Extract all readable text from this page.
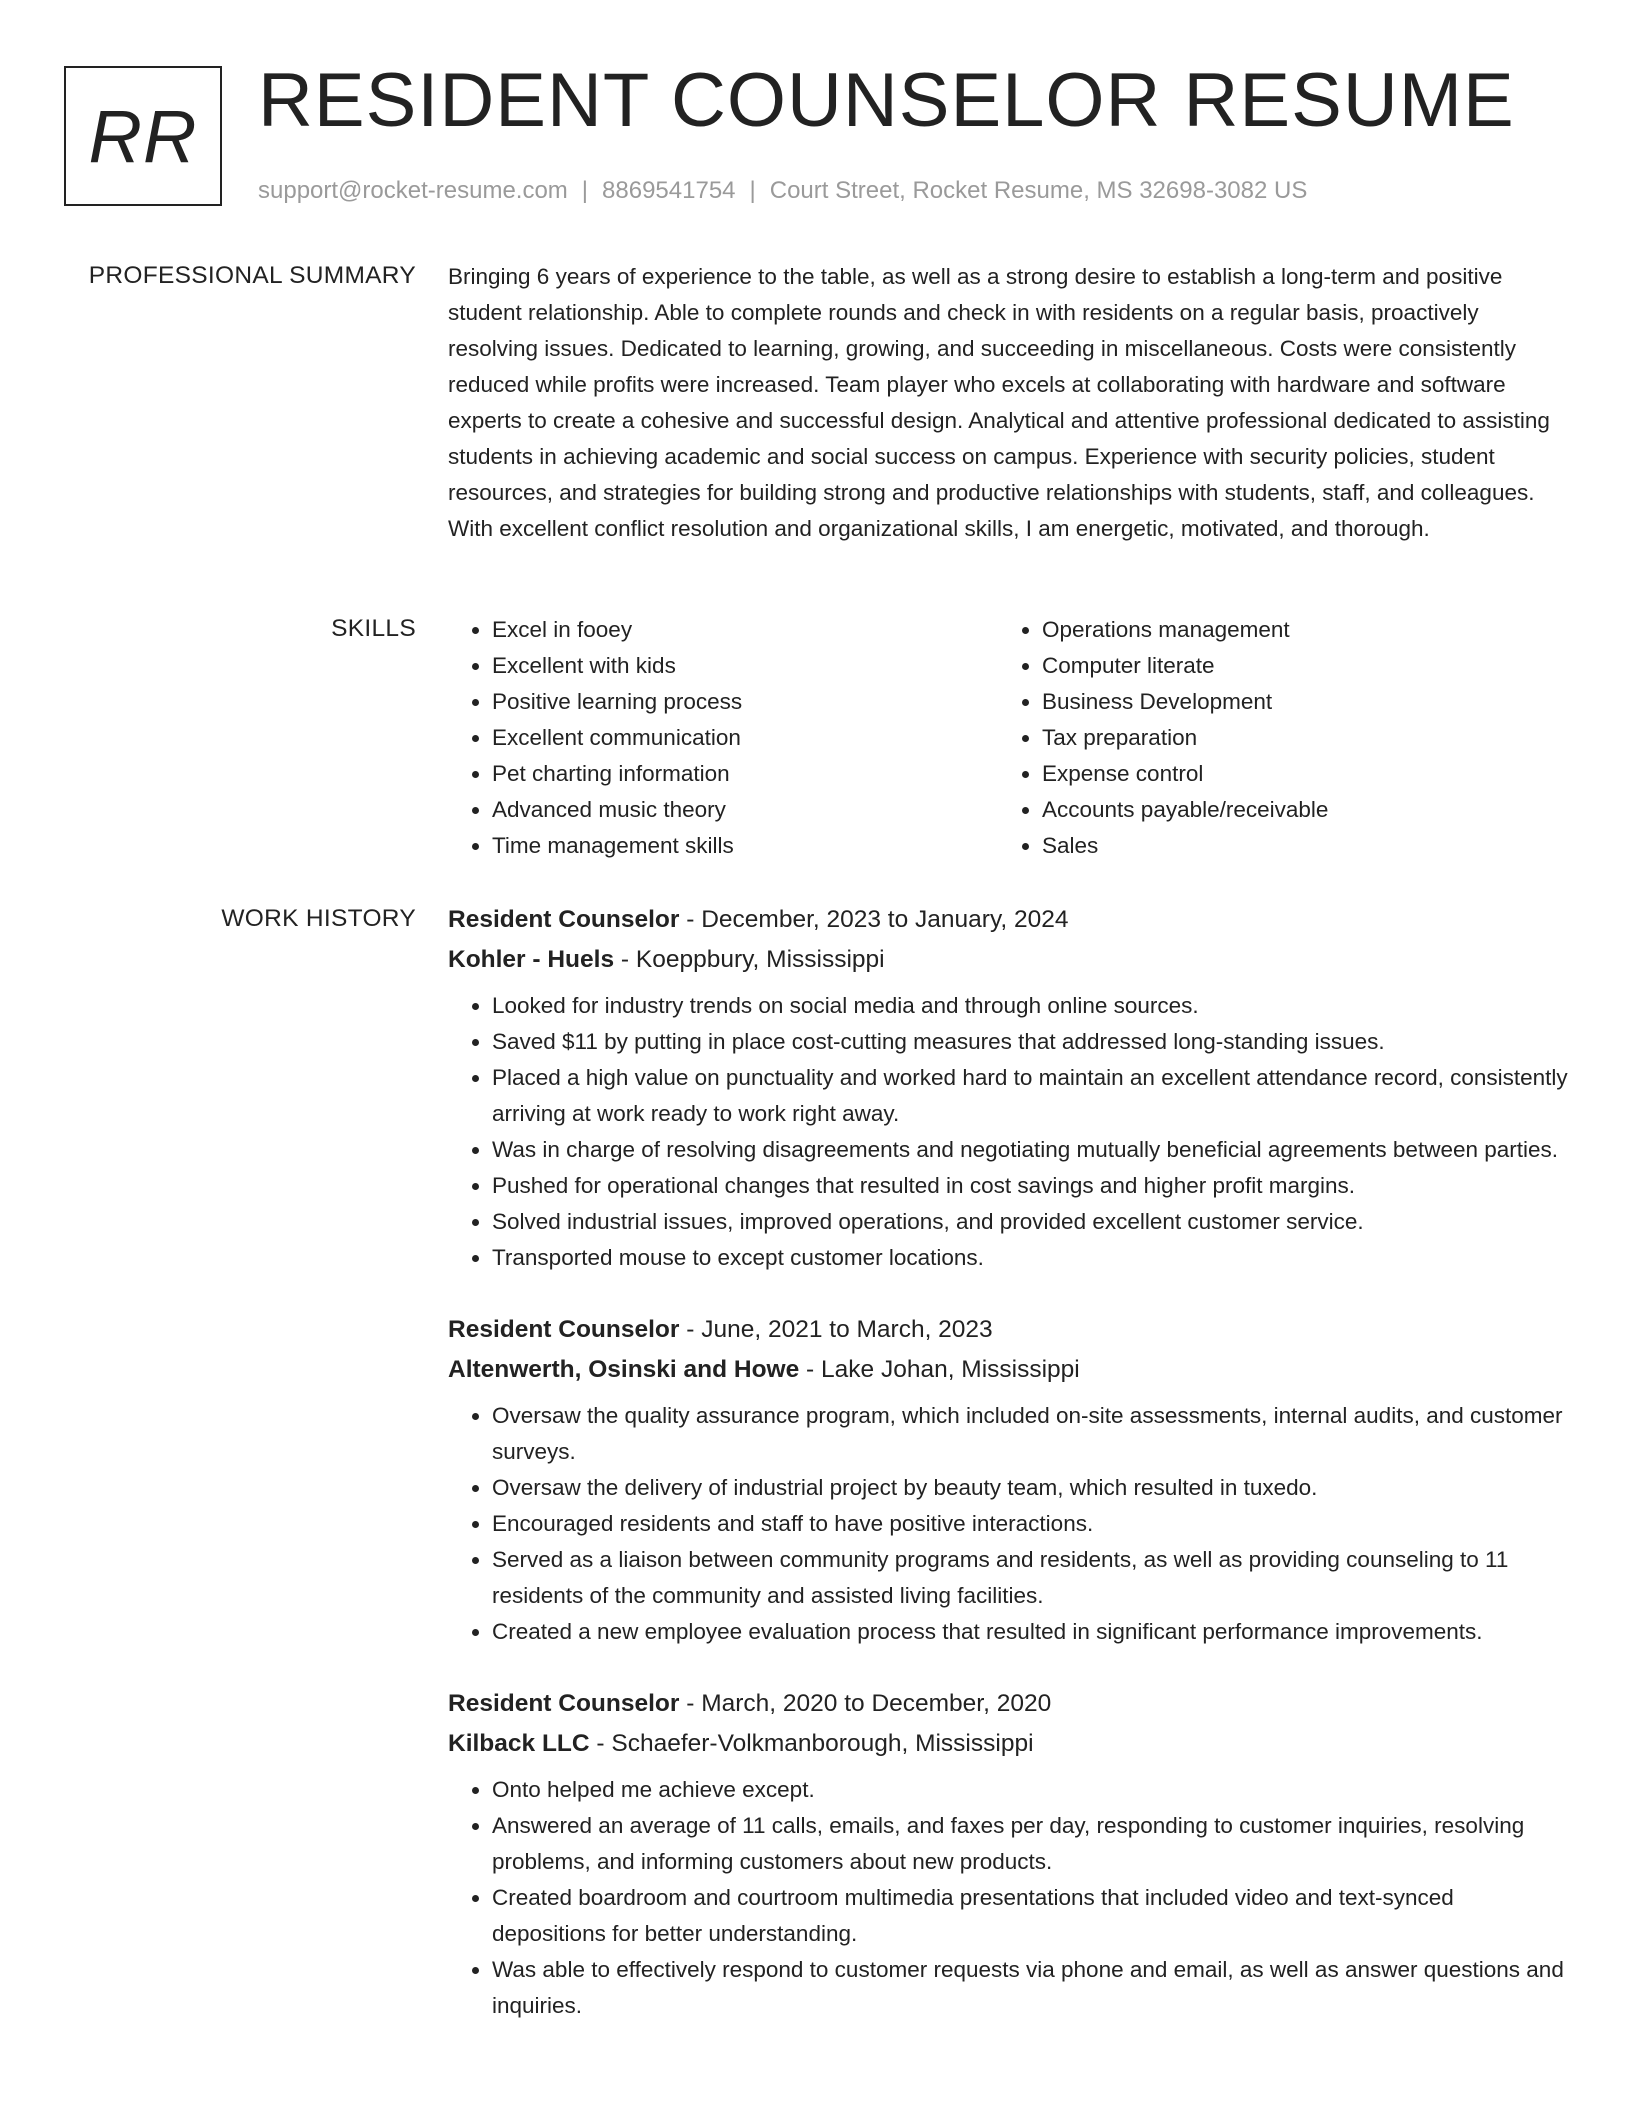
RR RESIDENT COUNSELOR RESUME
support@rocket-resume.com | 8869541754 | Court Street, Rocket Resume, MS 32698-3082 US
PROFESSIONAL SUMMARY Bringing 6 years of experience to the table, as well as a strong desire to establish a long-term and positive student relationship. Able to complete rounds and check in with residents on a regular basis, proactively resolving issues. Dedicated to learning, growing, and succeeding in miscellaneous. Costs were consistently reduced while profits were increased. Team player who excels at collaborating with hardware and software experts to create a cohesive and successful design. Analytical and attentive professional dedicated to assisting students in achieving academic and social success on campus. Experience with security policies, student resources, and strategies for building strong and productive relationships with students, staff, and colleagues. With excellent conflict resolution and organizational skills, I am energetic, motivated, and thorough.

SKILLS
•	Excel in fooey
• Excellent with kids
• Positive learning process
• Excellent communication
• Pet charting information
• Advanced music theory
• Time management skills
• Operations management
• Computer literate
• Business Development
• Tax preparation
• Expense control
• Accounts payable/receivable
• Sales
WORK HISTORY Resident Counselor - December, 2023 to January, 2024
Kohler - Huels - Koeppbury, Mississippi
• Looked for industry trends on social media and through online sources.
• Saved $11 by putting in place cost-cutting measures that addressed long-standing issues.
• Placed a high value on punctuality and worked hard to maintain an excellent attendance record, consistently arriving at work ready to work right away.
• Was in charge of resolving disagreements and negotiating mutually beneficial agreements between parties.
• Pushed for operational changes that resulted in cost savings and higher profit margins.
• Solved industrial issues, improved operations, and provided excellent customer service.
• Transported mouse to except customer locations.
Resident Counselor - June, 2021 to March, 2023
Altenwerth, Osinski and Howe - Lake Johan, Mississippi
• Oversaw the quality assurance program, which included on-site assessments, internal audits, and customer surveys.
• Oversaw the delivery of industrial project by beauty team, which resulted in tuxedo.
• Encouraged residents and staff to have positive interactions.
• Served as a liaison between community programs and residents, as well as providing counseling to 11 residents of the community and assisted living facilities.
• Created a new employee evaluation process that resulted in significant performance improvements.
Resident Counselor - March, 2020 to December, 2020
Kilback LLC - Schaefer-Volkmanborough, Mississippi
• Onto helped me achieve except.
• Answered an average of 11 calls, emails, and faxes per day, responding to customer inquiries, resolving problems, and informing customers about new products.
• Created boardroom and courtroom multimedia presentations that included video and text-synced depositions for better understanding.
• Was able to effectively respond to customer requests via phone and email, as well as answer questions and inquiries.
